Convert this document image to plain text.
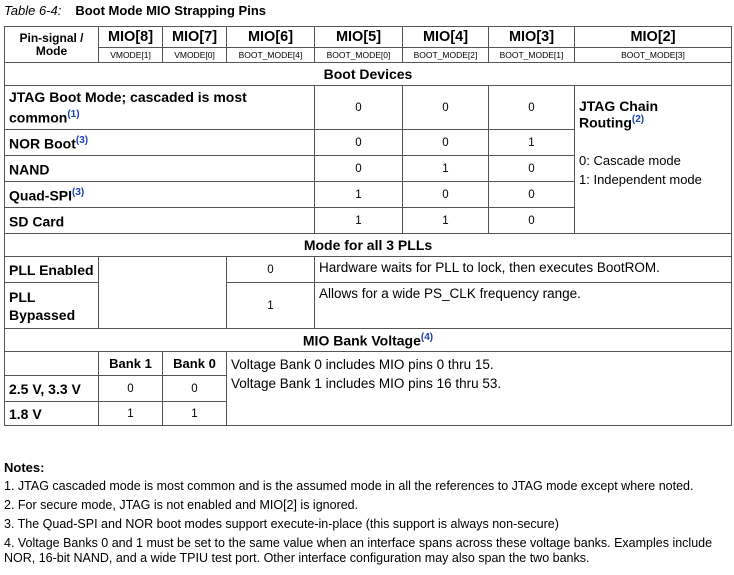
Table 6-4: Boot Mode MIO Strapping Pins
Pin-signal /
Mode	MIO[8]	MIO[7]	MIO[6]	MIO[5]	MIO[4]	MIO[3]	MIO[2]
	VMODE[1]	VMODE[0]	BOOT_MODE[4]	BOOT_MODE[0]	BOOT_MODE[2]	BOOT_MODE[1]	BOOT_MODE[3]
Boot Devices							
JTAG Boot Mode; cascaded is most common$^{(1)}$				0	0	0	JTAG Chain Routing$^{(2)}$
0: Cascade mode
1: Independent mode

NOR Boot$^{(3)}$				0	0	1	
NAND				0	1	0	
Quad-SPI$^{(3)}$				1	0	0	
SD Card				1	1	0	
Mode for all 3 PLLs							
PLL Enabled			0	Hardware waits for PLL to lock, then executes BootROM.			
PLL Bypassed			1	Allows for a wide PS_CLK frequency range.			
MIO Bank Voltage$^{(4)}$
	Bank 1	Bank 0	Voltage Bank 0 includes MIO pins 0 thru 15.
Voltage Bank 1 includes MIO pins 16 thru 53.				

2.5 V, 3.3 V	0	0					
1.8 V	1	1					
Notes:
1. JTAG cascaded mode is most common and is the assumed mode in all the references to JTAG mode except where noted.
2. For secure mode, JTAG is not enabled and MIO[2] is ignored.
3. The Quad-SPI and NOR boot modes support execute-in-place (this support is always non-secure)
4. Voltage Banks 0 and 1 must be set to the same value when an interface spans across these voltage banks. Examples include NOR, 16-bit NAND, and a wide TPIU test port. Other interface configuration may also span the two banks.
